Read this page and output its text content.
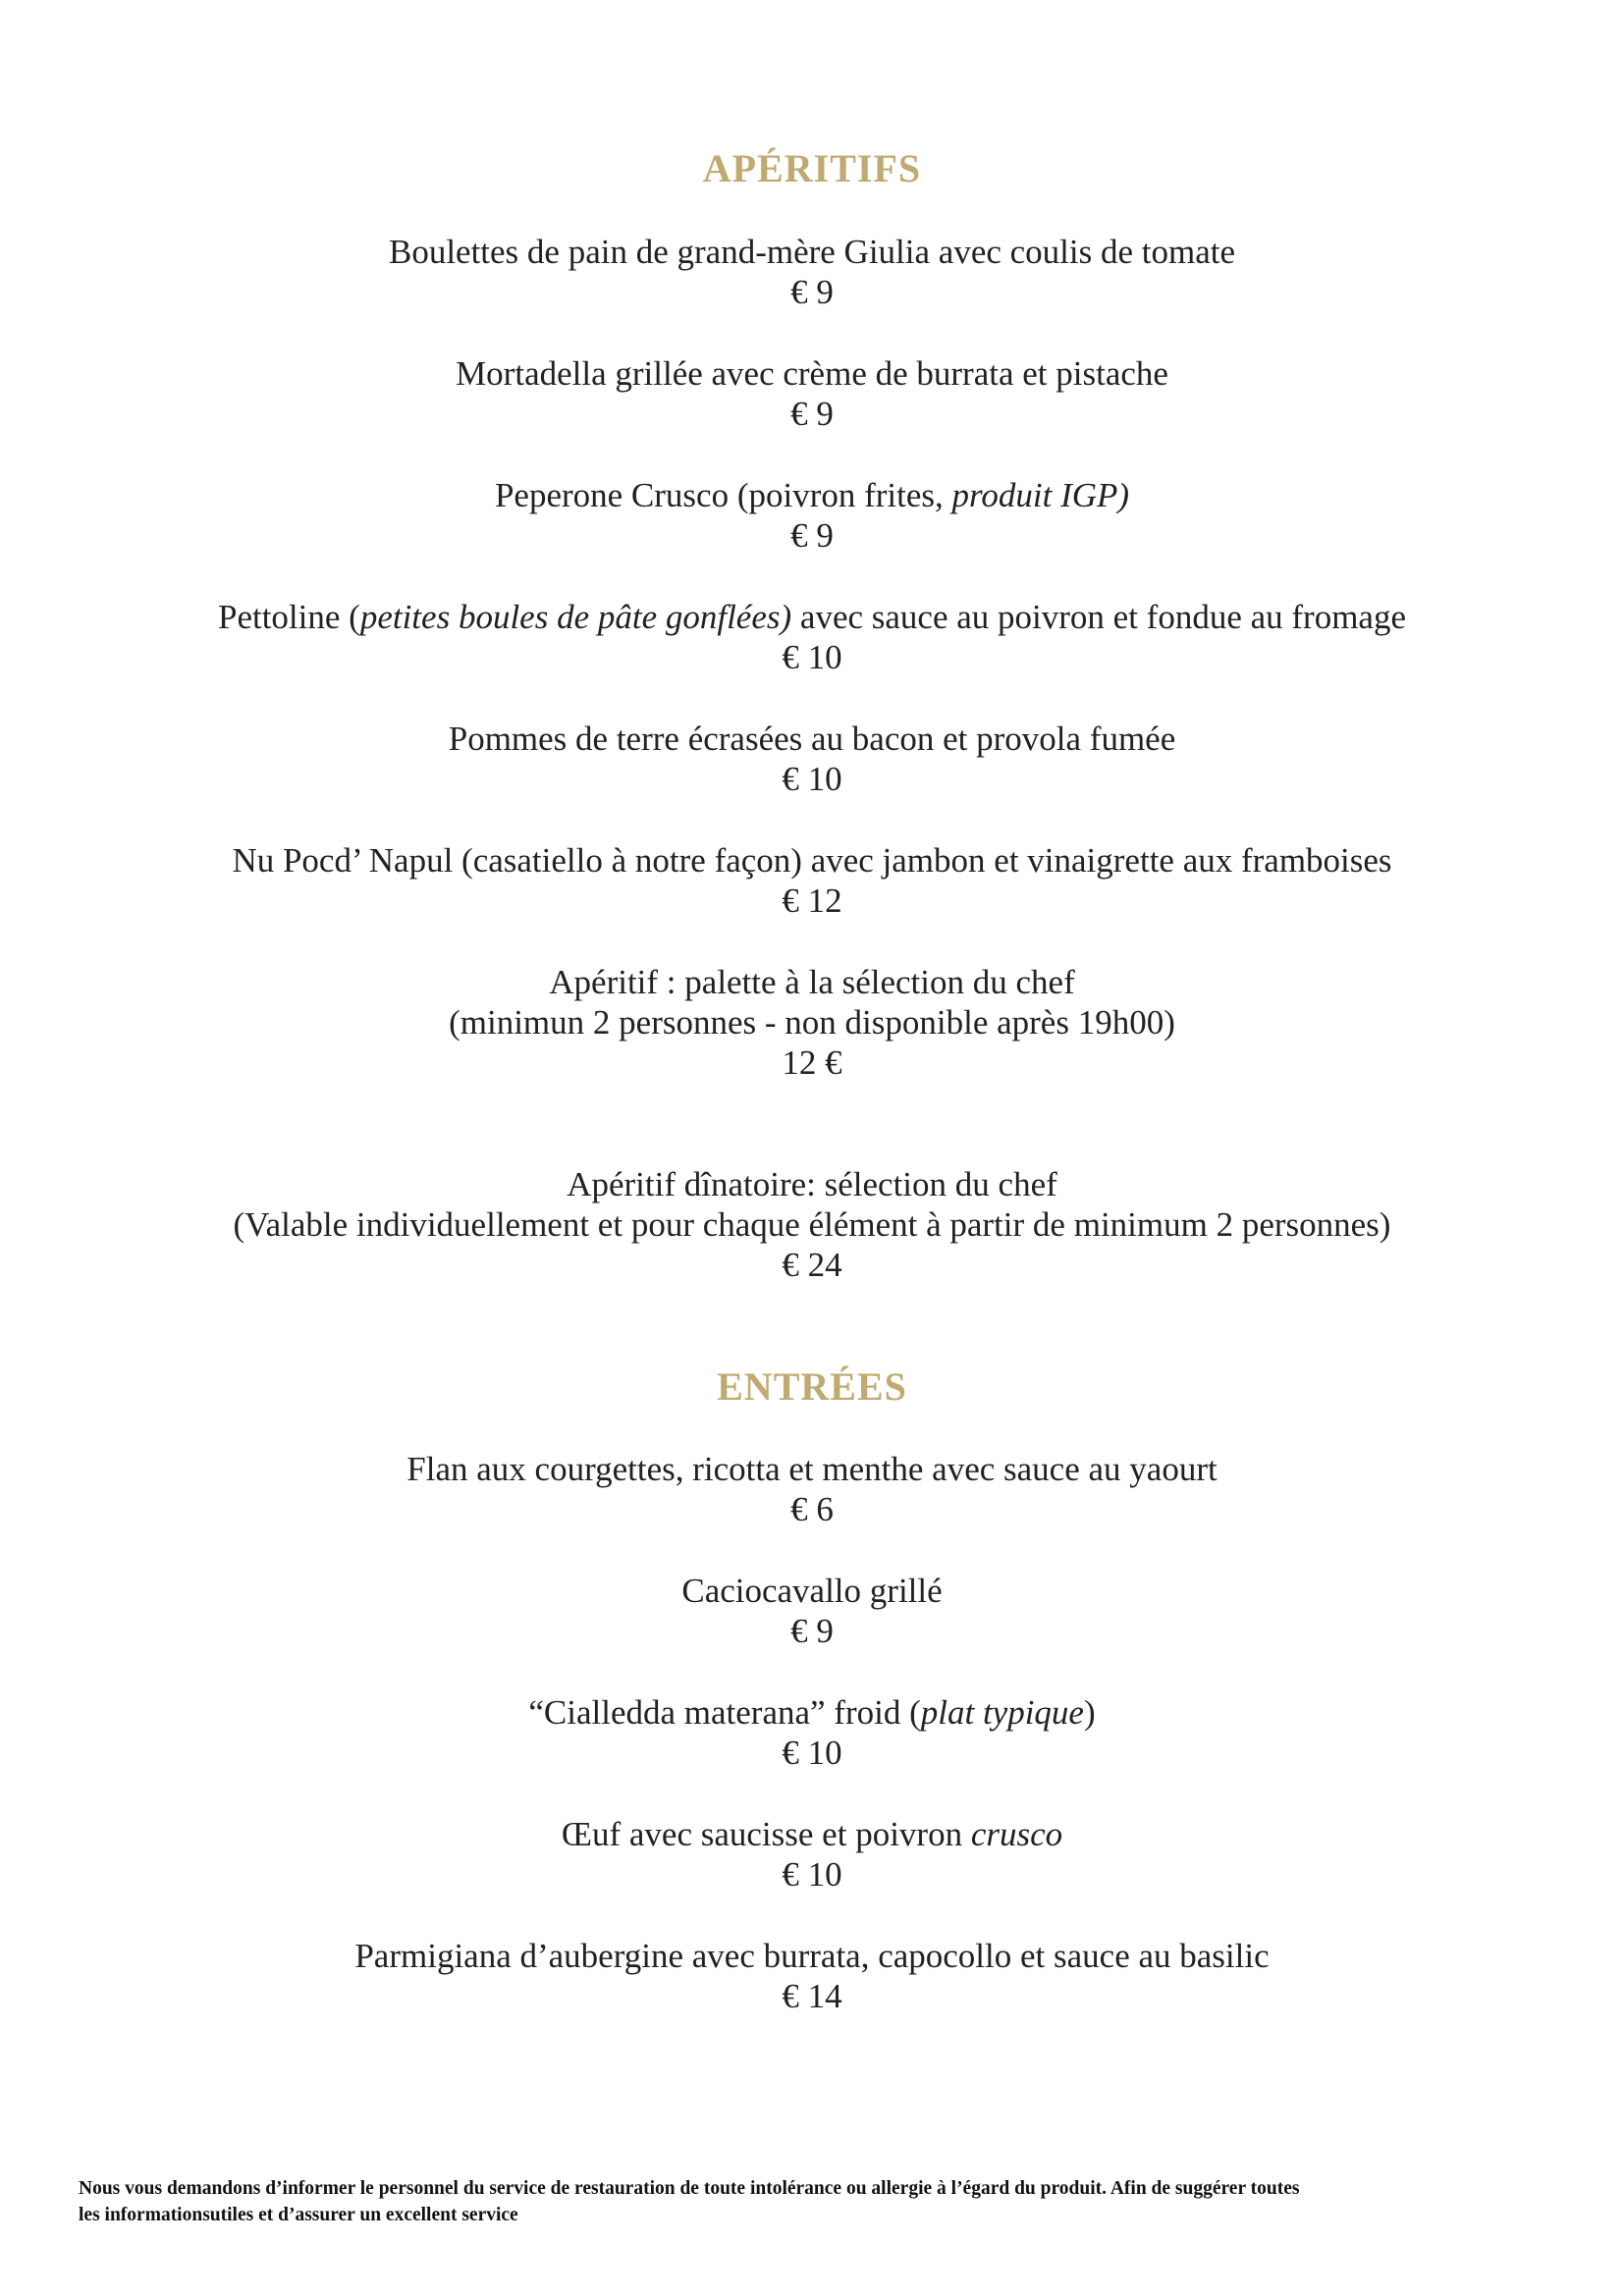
APÉRITIFS
Boulettes de pain de grand-mère Giulia avec coulis de tomate
€ 9
Mortadella grillée avec crème de burrata et pistache
€ 9
Peperone Crusco (poivron frites, produit IGP)
€ 9
Pettoline (petites boules de pâte gonflées) avec sauce au poivron et fondue au fromage
€ 10
Pommes de terre écrasées au bacon et provola fumée
€ 10
Nu Pocd’ Napul (casatiello à notre façon) avec jambon et vinaigrette aux framboises
€ 12
Apéritif : palette à la sélection du chef
(minimun 2 personnes - non disponible après 19h00)
12 €
Apéritif dînatoire: sélection du chef
(Valable individuellement et pour chaque élément à partir de minimum 2 personnes)
€ 24
ENTRÉES
Flan aux courgettes, ricotta et menthe avec sauce au yaourt
€ 6
Caciocavallo grillé
€ 9
“Cialledda materana” froid (plat typique)
€ 10
Œuf avec saucisse et poivron crusco
€ 10
Parmigiana d’aubergine avec burrata, capocollo et sauce au basilic
€ 14
Nous vous demandons d’informer le personnel du service de restauration de toute intolérance ou allergie à l’égard du produit. Afin de suggérer toutes
les informationsutiles et d’assurer un excellent service
